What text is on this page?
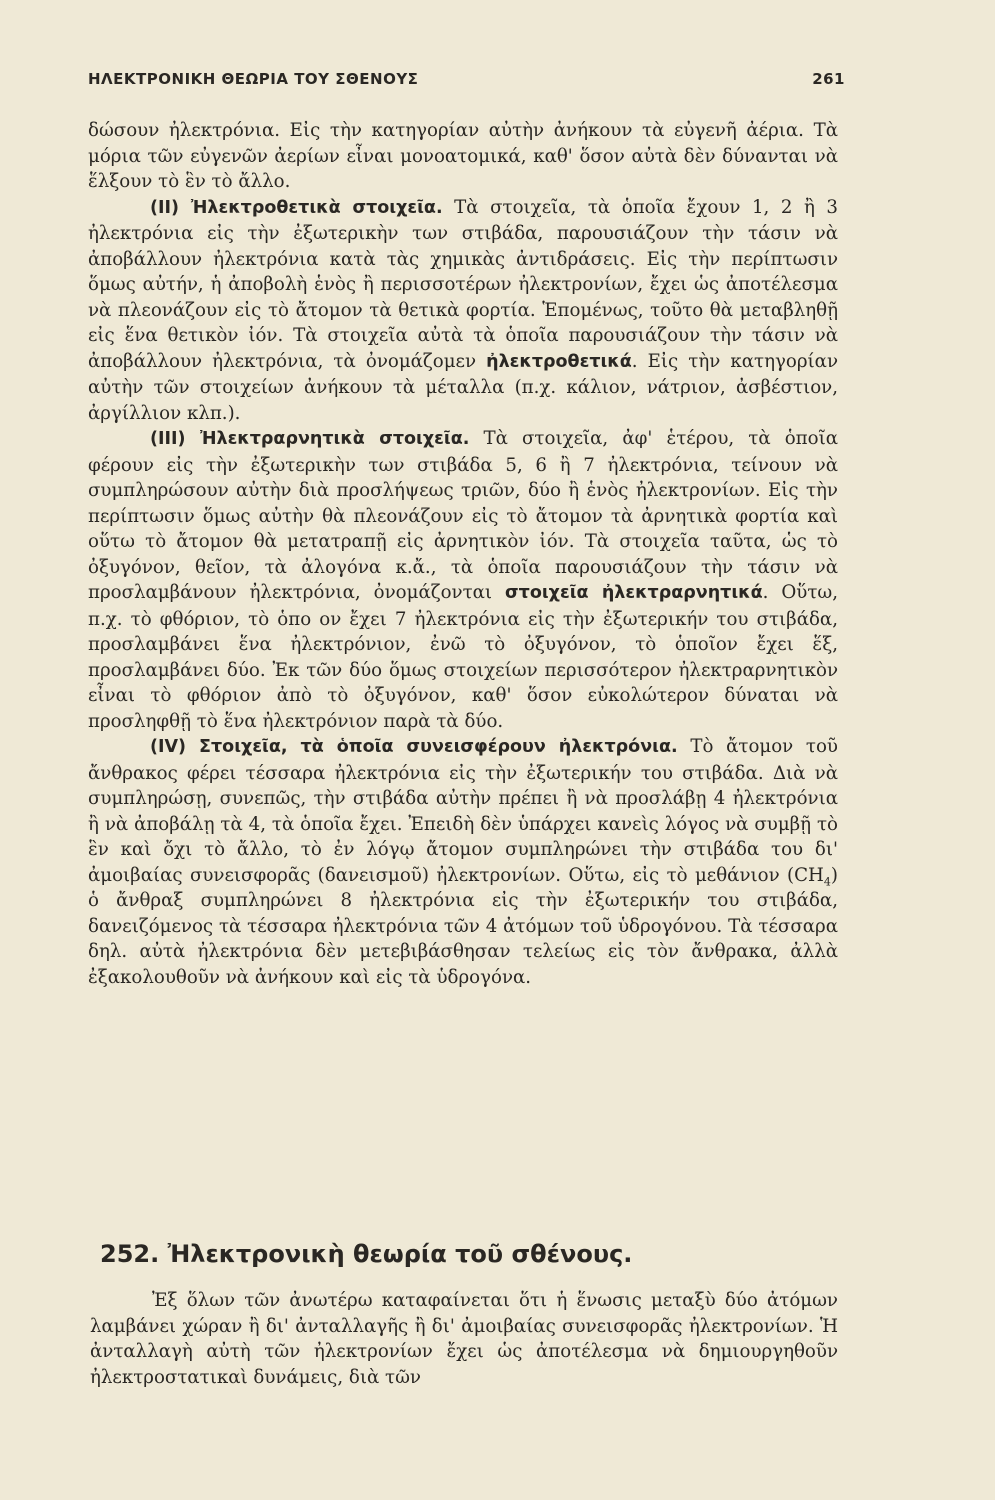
ΗΛΕΚΤΡΟΝΙΚΗ ΘΕΩΡΙΑ ΤΟΥ ΣΘΕΝΟΥΣ	261

δώσουν ἠλεκτρόνια. Εἰς τὴν κατηγορίαν αὐτὴν ἀνήκουν τὰ εὐγενῆ ἀέρια. Τὰ μόρια τῶν εὐγενῶν ἀερίων εἶναι μονοατομικά, καθ' ὅσον αὐτὰ δὲν δύνανται νὰ ἕλξουν τὸ ἓν τὸ ἄλλο.

(II) Ἠλεκτροθετικὰ στοιχεῖα. Τὰ στοιχεῖα, τὰ ὁποῖα ἔχουν 1, 2 ἢ 3 ἠλεκτρόνια εἰς τὴν ἐξωτερικὴν των στιβάδα, παρουσιάζουν τὴν τάσιν νὰ ἀποβάλλουν ἠλεκτρόνια κατὰ τὰς χημικὰς ἀντιδράσεις. Εἰς τὴν περίπτωσιν ὅμως αὐτήν, ἡ ἀποβολὴ ἑνὸς ἢ περισσοτέρων ἠλεκτρονίων, ἔχει ὡς ἀποτέλεσμα νὰ πλεονάζουν εἰς τὸ ἄτομον τὰ θετικὰ φορτία. Ἑπομένως, τοῦτο θὰ μεταβληθῇ εἰς ἕνα θετικὸν ἰόν. Τὰ στοιχεῖα αὐτὰ τὰ ὁποῖα παρουσιάζουν τὴν τάσιν νὰ ἀποβάλλουν ἠλεκτρόνια, τὰ ὀνομάζομεν ἠλεκτροθετικά. Εἰς τὴν κατηγορίαν αὐτὴν τῶν στοιχείων ἀνήκουν τὰ μέταλλα (π.χ. κάλιον, νάτριον, ἀσβέστιον, ἀργίλλιον κλπ.).

(III) Ἠλεκτραρνητικὰ στοιχεῖα. Τὰ στοιχεῖα, ἀφ' ἑτέρου, τὰ ὁποῖα φέρουν εἰς τὴν ἐξωτερικὴν των στιβάδα 5, 6 ἢ 7 ἠλεκτρόνια, τείνουν νὰ συμπληρώσουν αὐτὴν διὰ προσλήψεως τριῶν, δύο ἢ ἑνὸς ἠλεκτρονίων. Εἰς τὴν περίπτωσιν ὅμως αὐτὴν θὰ πλεονάζουν εἰς τὸ ἄτομον τὰ ἀρνητικὰ φορτία καὶ οὕτω τὸ ἄτομον θὰ μετατραπῇ εἰς ἀρνητικὸν ἰόν. Τὰ στοιχεῖα ταῦτα, ὡς τὸ ὀξυγόνον, θεῖον, τὰ ἀλογόνα κ.ἄ., τὰ ὁποῖα παρουσιάζουν τὴν τάσιν νὰ προσλαμβάνουν ἠλεκτρόνια, ὀνομάζονται στοιχεῖα ἠλεκτραρνητικά. Οὕτω, π.χ. τὸ φθόριον, τὸ ὁπο ον ἔχει 7 ἠλεκτρόνια εἰς τὴν ἐξωτερικήν του στιβάδα, προσλαμβάνει ἕνα ἠλεκτρόνιον, ἐνῶ τὸ ὀξυγόνον, τὸ ὁποῖον ἔχει ἕξ, προσλαμβάνει δύο. Ἐκ τῶν δύο ὅμως στοιχείων περισσότερον ἠλεκτραρνητικὸν εἶναι τὸ φθόριον ἀπὸ τὸ ὀξυγόνον, καθ' ὅσον εὐκολώτερον δύναται νὰ προσληφθῇ τὸ ἕνα ἠλεκτρόνιον παρὰ τὰ δύο.

(IV) Στοιχεῖα, τὰ ὁποῖα συνεισφέρουν ἠλεκτρόνια. Τὸ ἄτομον τοῦ ἄνθρακος φέρει τέσσαρα ἠλεκτρόνια εἰς τὴν ἐξωτερικήν του στιβάδα. Διὰ νὰ συμπληρώσῃ, συνεπῶς, τὴν στιβάδα αὐτὴν πρέπει ἢ νὰ προσλάβῃ 4 ἠλεκτρόνια ἢ νὰ ἀποβάλῃ τὰ 4, τὰ ὁποῖα ἔχει. Ἐπειδὴ δὲν ὑπάρχει κανεὶς λόγος νὰ συμβῇ τὸ ἓν καὶ ὄχι τὸ ἄλλο, τὸ ἐν λόγῳ ἄτομον συμπληρώνει τὴν στιβάδα του δι' ἀμοιβαίας συνεισφορᾶς (δανεισμοῦ) ἠλεκτρονίων. Οὕτω, εἰς τὸ μεθάνιον $(CH_4)$ ὁ ἄνθραξ συμπληρώνει 8 ἠλεκτρόνια εἰς τὴν ἐξωτερικήν του στιβάδα, δανειζόμενος τὰ τέσσαρα ἠλεκτρόνια τῶν 4 ἀτόμων τοῦ ὑδρογόνου. Τὰ τέσσαρα δηλ. αὐτὰ ἠλεκτρόνια δὲν μετεβιβάσθησαν τελείως εἰς τὸν ἄνθρακα, ἀλλὰ ἐξακολουθοῦν νὰ ἀνήκουν καὶ εἰς τὰ ὑδρογόνα.

252. Ἠλεκτρονικὴ θεωρία τοῦ σθένους.

Ἐξ ὅλων τῶν ἀνωτέρω καταφαίνεται ὅτι ἡ ἕνωσις μεταξὺ δύο ἀτόμων λαμβάνει χώραν ἢ δι' ἀνταλλαγῆς ἢ δι' ἀμοιβαίας συνεισφορᾶς ἠλεκτρονίων. Ἡ ἀνταλλαγὴ αὐτὴ τῶν ἠλεκτρονίων ἔχει ὡς ἀποτέλεσμα νὰ δημιουργηθοῦν ἠλεκτροστατικαὶ δυνάμεις, διὰ τῶν
